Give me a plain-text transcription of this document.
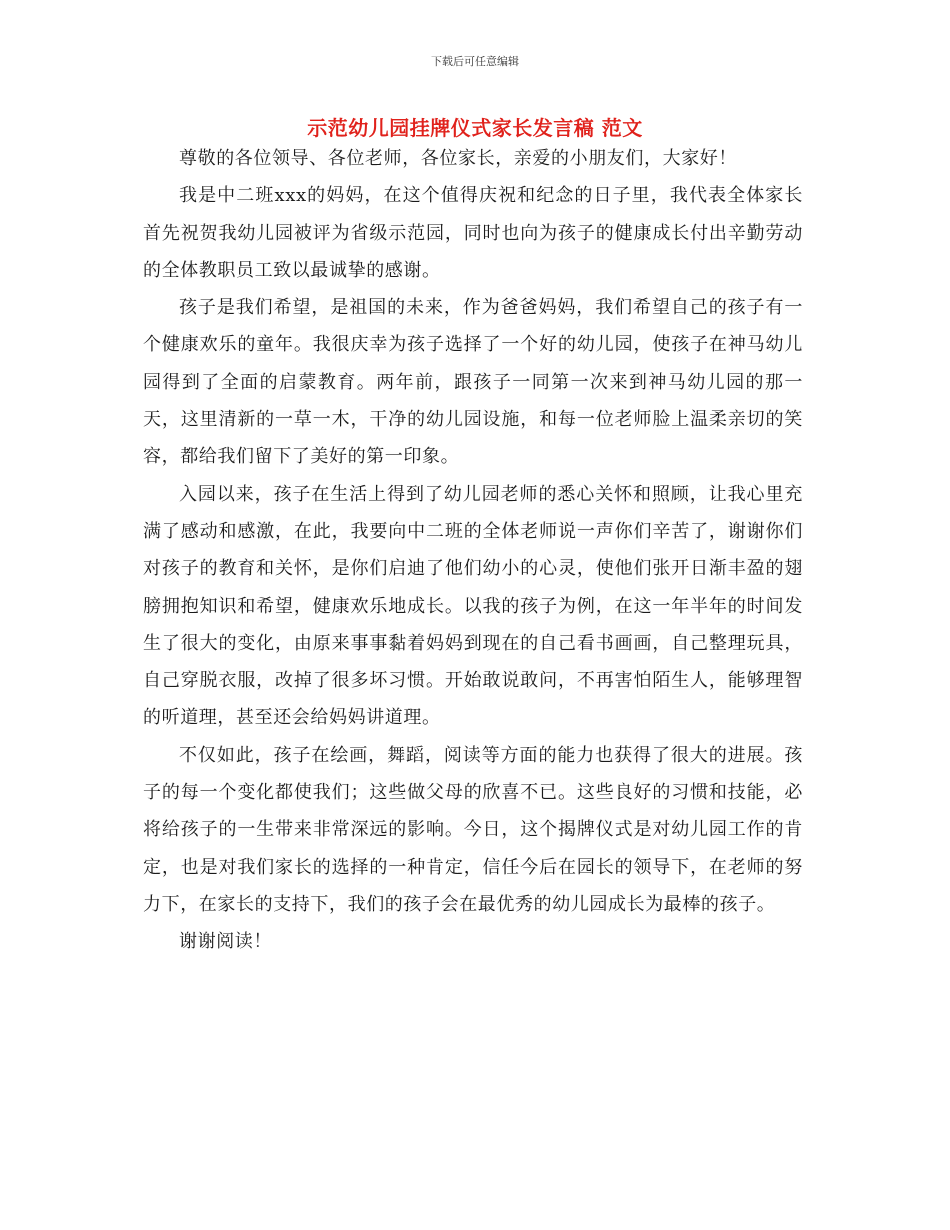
下载后可任意编辑
示范幼儿园挂牌仪式家长发言稿 范文

尊敬的各位领导、各位老师，各位家长，亲爱的小朋友们，大家好！

我是中二班xxx的妈妈，在这个值得庆祝和纪念的日子里，我代表全体家长首先祝贺我幼儿园被评为省级示范园，同时也向为孩子的健康成长付出辛勤劳动的全体教职员工致以最诚挚的感谢。

孩子是我们希望，是祖国的未来，作为爸爸妈妈，我们希望自己的孩子有一个健康欢乐的童年。我很庆幸为孩子选择了一个好的幼儿园，使孩子在神马幼儿园得到了全面的启蒙教育。两年前，跟孩子一同第一次来到神马幼儿园的那一天，这里清新的一草一木，干净的幼儿园设施，和每一位老师脸上温柔亲切的笑容，都给我们留下了美好的第一印象。

入园以来，孩子在生活上得到了幼儿园老师的悉心关怀和照顾，让我心里充满了感动和感激，在此，我要向中二班的全体老师说一声你们辛苦了，谢谢你们对孩子的教育和关怀，是你们启迪了他们幼小的心灵，使他们张开日渐丰盈的翅膀拥抱知识和希望，健康欢乐地成长。以我的孩子为例，在这一年半年的时间发生了很大的变化，由原来事事黏着妈妈到现在的自己看书画画，自己整理玩具，自己穿脱衣服，改掉了很多坏习惯。开始敢说敢问，不再害怕陌生人，能够理智的听道理，甚至还会给妈妈讲道理。

不仅如此，孩子在绘画，舞蹈，阅读等方面的能力也获得了很大的进展。孩子的每一个变化都使我们；这些做父母的欣喜不已。这些良好的习惯和技能，必将给孩子的一生带来非常深远的影响。今日，这个揭牌仪式是对幼儿园工作的肯定，也是对我们家长的选择的一种肯定，信任今后在园长的领导下，在老师的努力下，在家长的支持下，我们的孩子会在最优秀的幼儿园成长为最棒的孩子。

谢谢阅读！
